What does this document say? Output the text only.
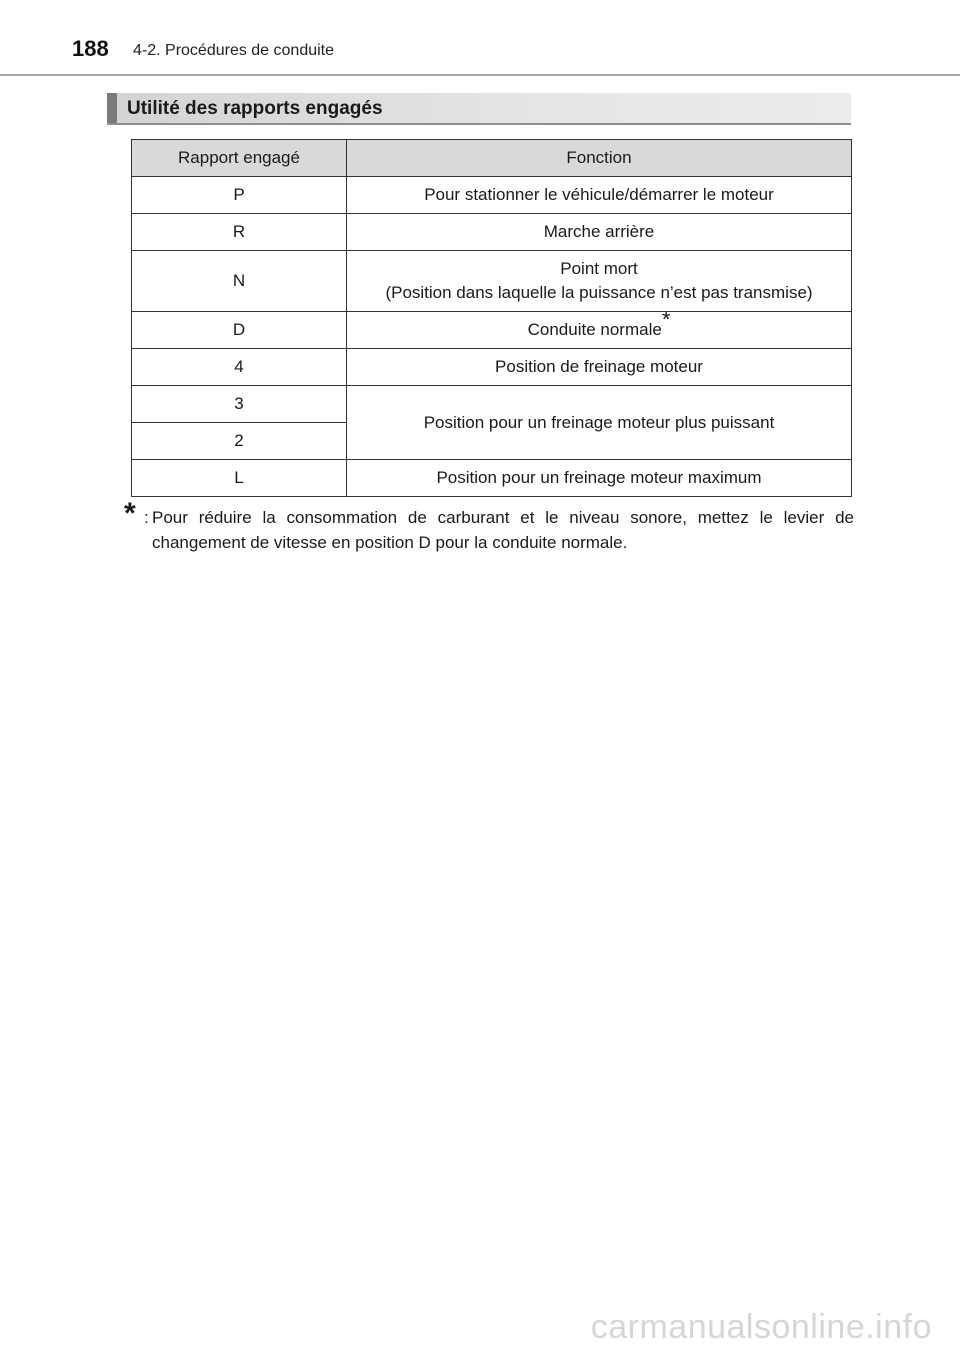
188 4-2. Procédures de conduite
Utilité des rapports engagés
Rapport engagé	Fonction
P	Pour stationner le véhicule/démarrer le moteur
R	Marche arrière
N	Point mort
(Position dans laquelle la puissance n’est pas transmise)

D	Conduite normale*
4	Position de freinage moteur
3	Position pour un freinage moteur plus puissant
2	
L	Position pour un freinage moteur maximum
* : Pour réduire la consommation de carburant et le niveau sonore, mettez le levier de changement de vitesse en position D pour la conduite normale.
carmanualsonline.info
